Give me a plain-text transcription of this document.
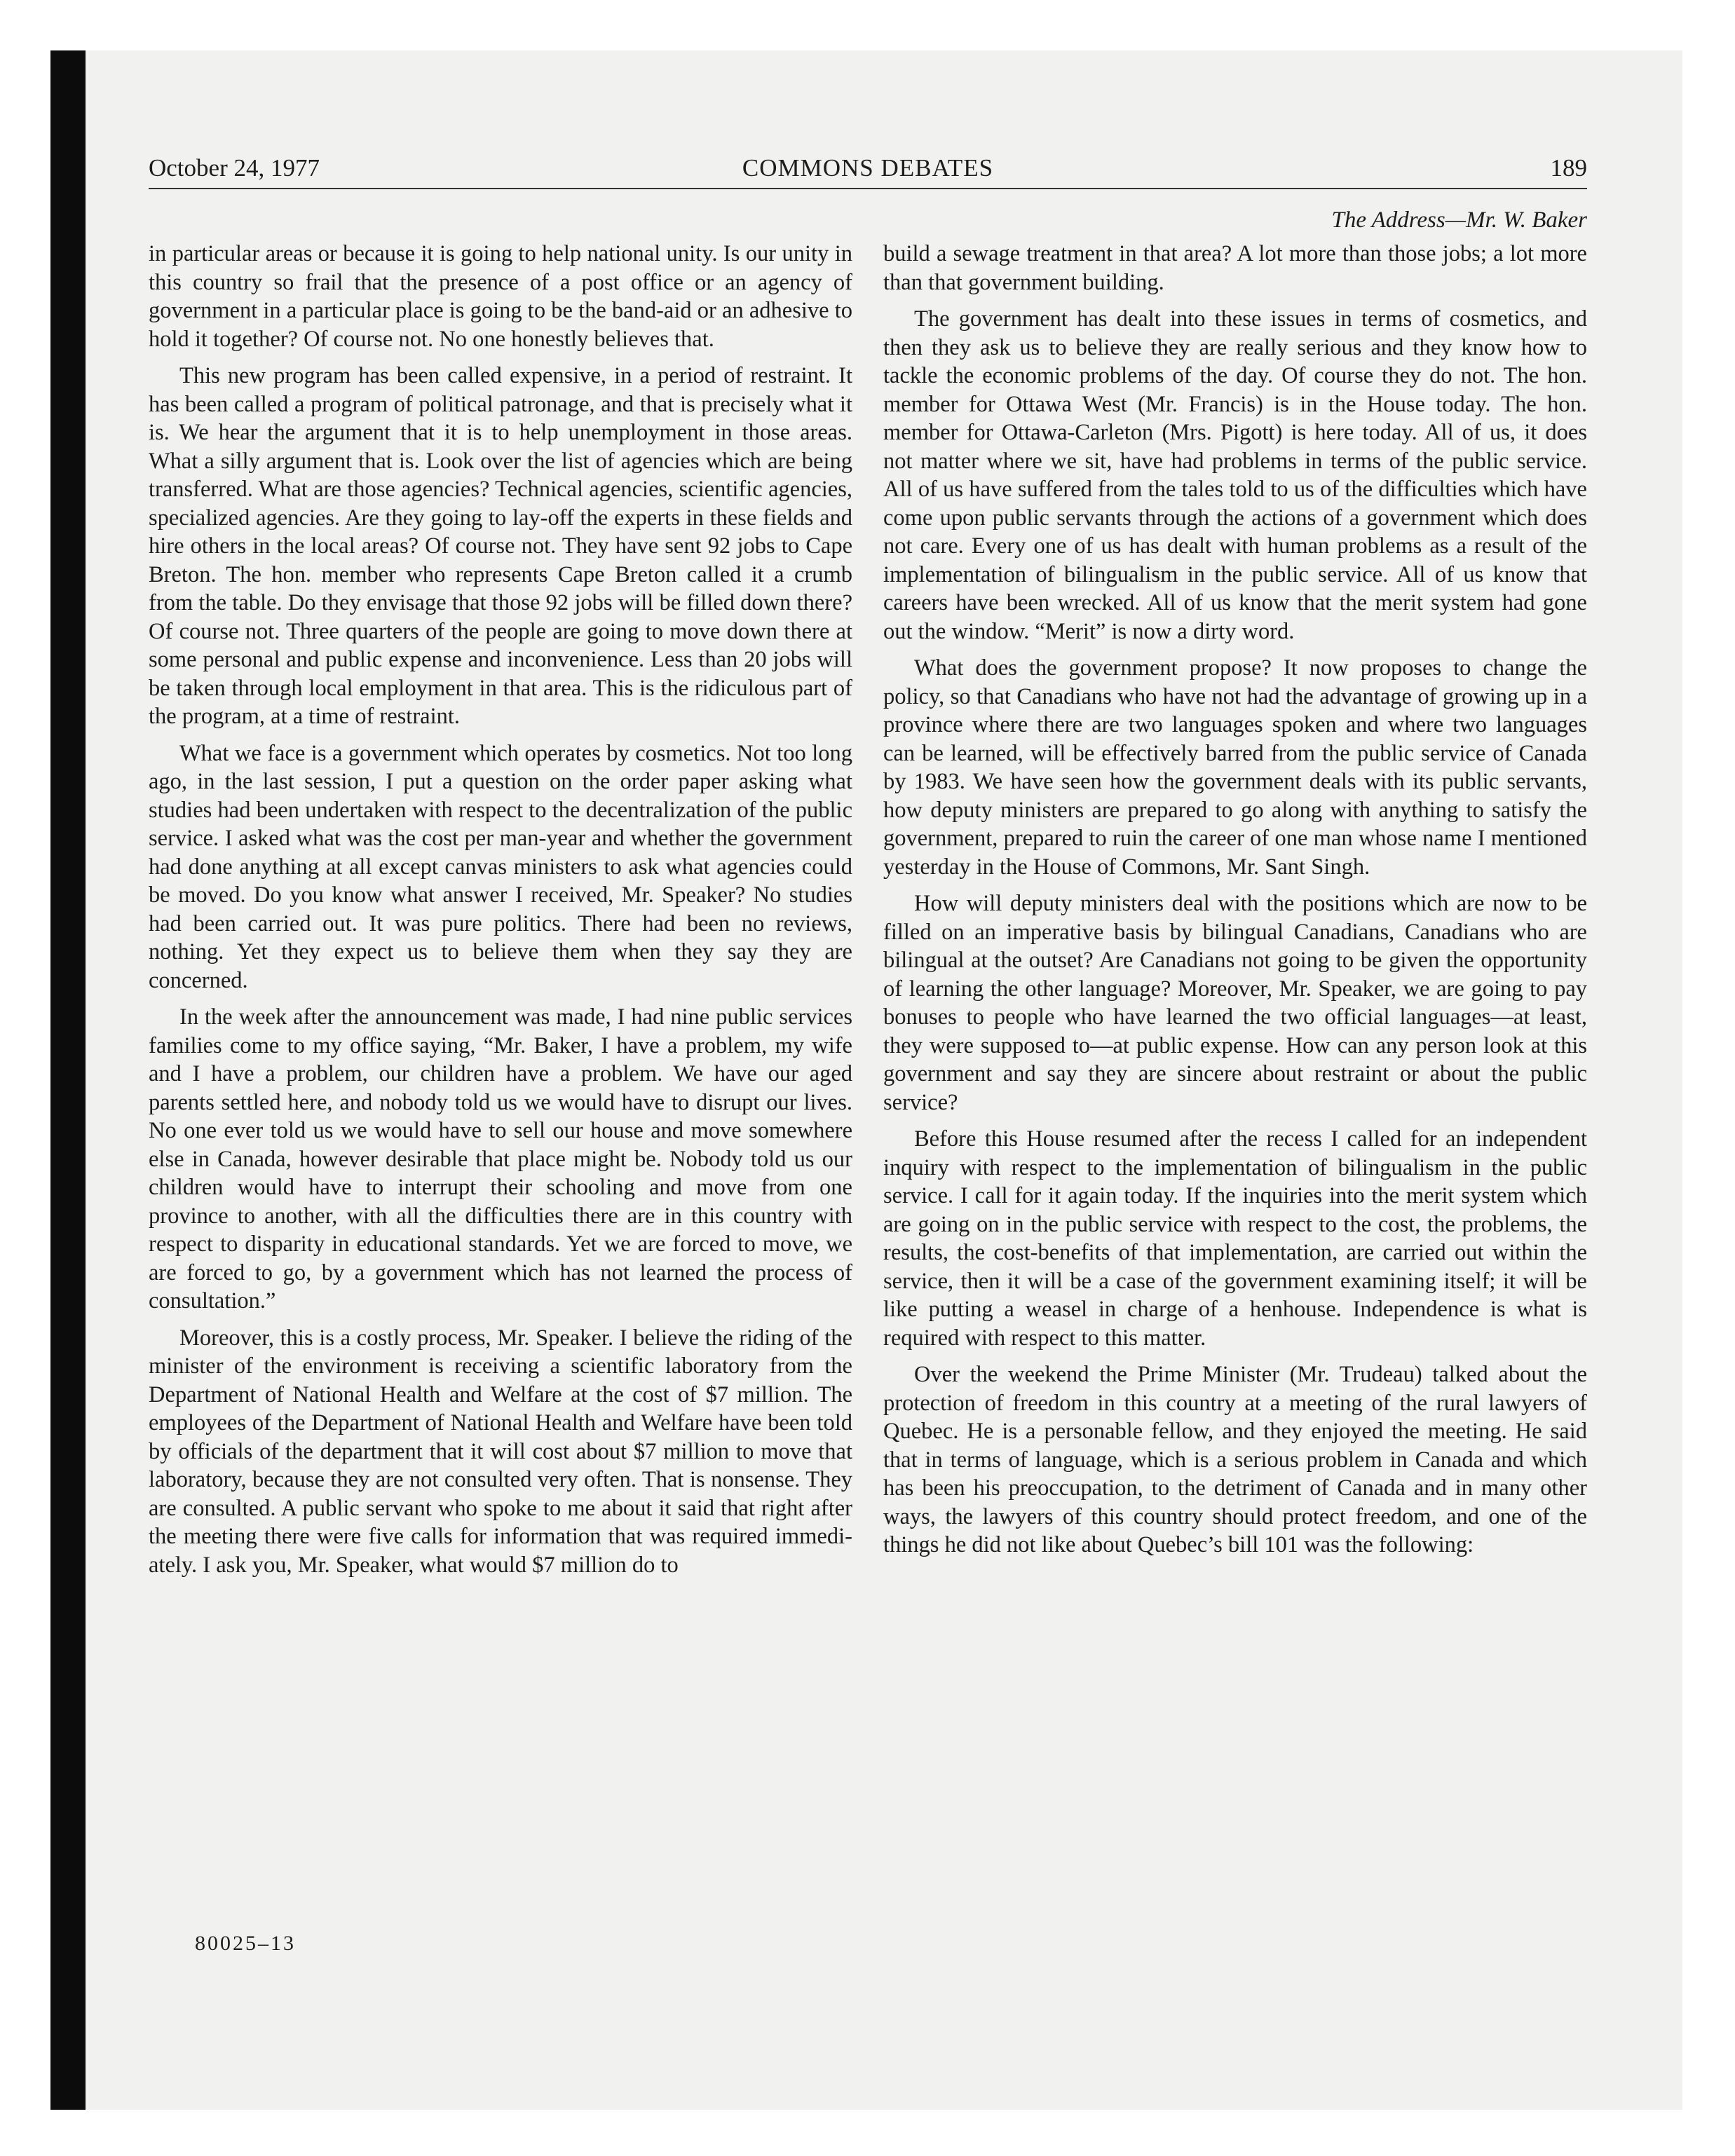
October 24, 1977	COMMONS DEBATES	189
The Address—Mr. W. Baker

in particular areas or because it is going to help national unity. Is our unity in this country so frail that the presence of a post office or an agency of government in a particular place is going to be the band-aid or an adhesive to hold it together? Of course not. No one honestly believes that.

This new program has been called expensive, in a period of restraint. It has been called a program of political patronage, and that is precisely what it is. We hear the argument that it is to help unemployment in those areas. What a silly argument that is. Look over the list of agencies which are being transferred. What are those agencies? Technical agencies, scientific agencies, specialized agencies. Are they going to lay-off the experts in these fields and hire others in the local areas? Of course not. They have sent 92 jobs to Cape Breton. The hon. member who represents Cape Breton called it a crumb from the table. Do they envisage that those 92 jobs will be filled down there? Of course not. Three quarters of the people are going to move down there at some personal and public expense and inconvenience. Less than 20 jobs will be taken through local employment in that area. This is the ridiculous part of the program, at a time of restraint.

What we face is a government which operates by cosmetics. Not too long ago, in the last session, I put a question on the order paper asking what studies had been undertaken with respect to the decentralization of the public service. I asked what was the cost per man-year and whether the government had done anything at all except canvas ministers to ask what agencies could be moved. Do you know what answer I received, Mr. Speaker? No studies had been carried out. It was pure politics. There had been no reviews, nothing. Yet they expect us to believe them when they say they are concerned.

In the week after the announcement was made, I had nine public services families come to my office saying, “Mr. Baker, I have a problem, my wife and I have a problem, our children have a problem. We have our aged parents settled here, and nobody told us we would have to disrupt our lives. No one ever told us we would have to sell our house and move somewhere else in Canada, however desirable that place might be. Nobody told us our children would have to interrupt their schooling and move from one province to another, with all the difficulties there are in this country with respect to disparity in educational standards. Yet we are forced to move, we are forced to go, by a government which has not learned the process of consultation.”

Moreover, this is a costly process, Mr. Speaker. I believe the riding of the minister of the environment is receiving a scientific laboratory from the Department of National Health and Welfare at the cost of $7 million. The employees of the Department of National Health and Welfare have been told by officials of the department that it will cost about $7 million to move that laboratory, because they are not consulted very often. That is nonsense. They are consulted. A public servant who spoke to me about it said that right after the meeting there were five calls for information that was required immediately. I ask you, Mr. Speaker, what would $7 million do to

build a sewage treatment in that area? A lot more than those jobs; a lot more than that government building.

The government has dealt into these issues in terms of cosmetics, and then they ask us to believe they are really serious and they know how to tackle the economic problems of the day. Of course they do not. The hon. member for Ottawa West (Mr. Francis) is in the House today. The hon. member for Ottawa-Carleton (Mrs. Pigott) is here today. All of us, it does not matter where we sit, have had problems in terms of the public service. All of us have suffered from the tales told to us of the difficulties which have come upon public servants through the actions of a government which does not care. Every one of us has dealt with human problems as a result of the implementation of bilingualism in the public service. All of us know that careers have been wrecked. All of us know that the merit system had gone out the window. “Merit” is now a dirty word.

What does the government propose? It now proposes to change the policy, so that Canadians who have not had the advantage of growing up in a province where there are two languages spoken and where two languages can be learned, will be effectively barred from the public service of Canada by 1983. We have seen how the government deals with its public servants, how deputy ministers are prepared to go along with anything to satisfy the government, prepared to ruin the career of one man whose name I mentioned yesterday in the House of Commons, Mr. Sant Singh.

How will deputy ministers deal with the positions which are now to be filled on an imperative basis by bilingual Canadians, Canadians who are bilingual at the outset? Are Canadians not going to be given the opportunity of learning the other language? Moreover, Mr. Speaker, we are going to pay bonuses to people who have learned the two official languages—at least, they were supposed to—at public expense. How can any person look at this government and say they are sincere about restraint or about the public service?

Before this House resumed after the recess I called for an independent inquiry with respect to the implementation of bilingualism in the public service. I call for it again today. If the inquiries into the merit system which are going on in the public service with respect to the cost, the problems, the results, the cost-benefits of that implementation, are carried out within the service, then it will be a case of the government examining itself; it will be like putting a weasel in charge of a henhouse. Independence is what is required with respect to this matter.

Over the weekend the Prime Minister (Mr. Trudeau) talked about the protection of freedom in this country at a meeting of the rural lawyers of Quebec. He is a personable fellow, and they enjoyed the meeting. He said that in terms of language, which is a serious problem in Canada and which has been his preoccupation, to the detriment of Canada and in many other ways, the lawyers of this country should protect freedom, and one of the things he did not like about Quebec’s bill 101 was the following:

80025–13
